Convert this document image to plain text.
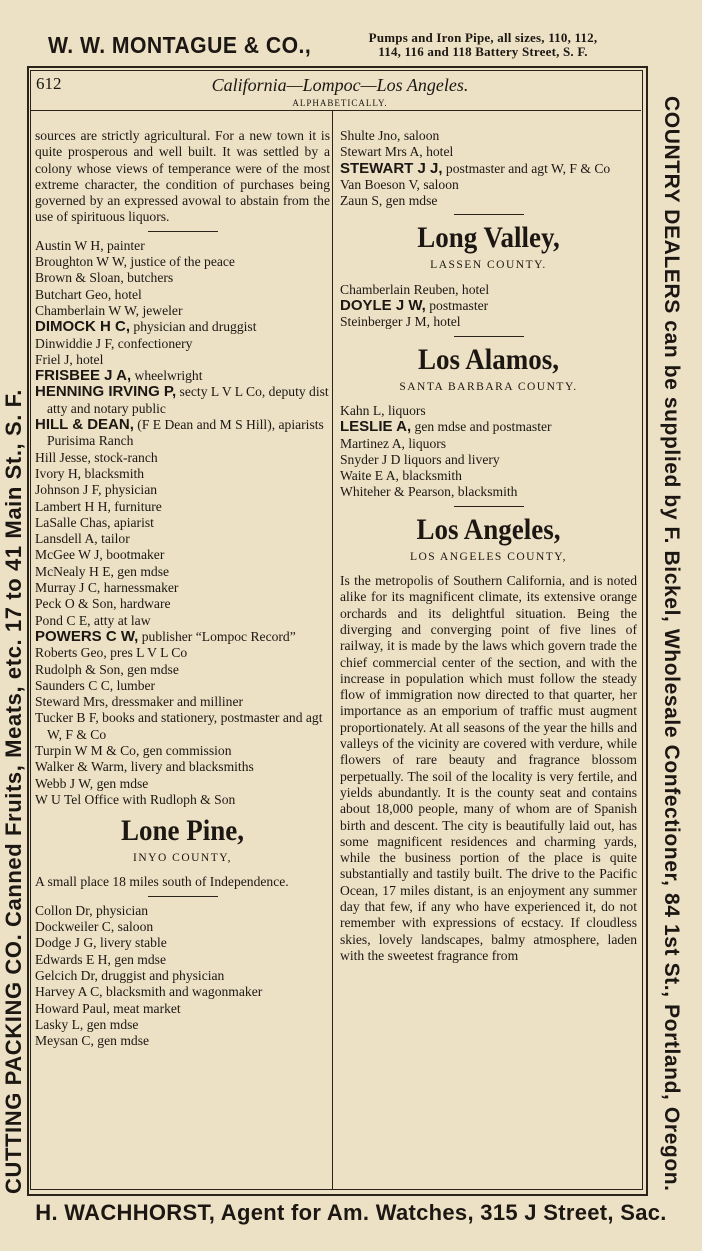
W. W. MONTAGUE & CO.,	Pumps and Iron Pipe, all sizes, 110, 112,
114, 116 and 118 Battery Street, S. F.
612	California—Lompoc—Los Angeles.
ALPHABETICALLY.	COUNTRY DEALERS can be supplied by F. Bickel, Wholesale Confectioner, 84 1st St., Portland, Oregon.
CUTTING PACKING CO. Canned Fruits, Meats, etc. 17 to 41 Main St., S. F.

sources are strictly agricultural. For a new town it is quite prosperous and well built. It was settled by a colony whose views of temperance were of the most extreme character, the condition of purchases being governed by an expressed avowal to abstain from the use of spirituous liquors.

Austin W H, painter

Broughton W W, justice of the peace

Brown & Sloan, butchers

Butchart Geo, hotel

Chamberlain W W, jeweler

DIMOCK H C, physician and druggist

Dinwiddie J F, confectionery

Friel J, hotel

FRISBEE J A, wheelwright

HENNING IRVING P, secty L V L Co, deputy dist atty and notary public

HILL & DEAN, (F E Dean and M S Hill), apiarists Purisima Ranch

Hill Jesse, stock-ranch

Ivory H, blacksmith

Johnson J F, physician

Lambert H H, furniture

LaSalle Chas, apiarist

Lansdell A, tailor

McGee W J, bootmaker

McNealy H E, gen mdse

Murray J C, harnessmaker

Peck O & Son, hardware

Pond C E, atty at law

POWERS C W, publisher “Lompoc Record”

Roberts Geo, pres L V L Co

Rudolph & Son, gen mdse

Saunders C C, lumber

Steward Mrs, dressmaker and milliner

Tucker B F, books and stationery, postmaster and agt W, F & Co

Turpin W M & Co, gen commission

Walker & Warm, livery and blacksmiths

Webb J W, gen mdse

W U Tel Office with Rudloph & Son

Lone Pine,
INYO COUNTY,

A small place 18 miles south of Independence.

Collon Dr, physician

Dockweiler C, saloon

Dodge J G, livery stable

Edwards E H, gen mdse

Gelcich Dr, druggist and physician

Harvey A C, blacksmith and wagonmaker

Howard Paul, meat market

Lasky L, gen mdse

Meysan C, gen mdse

Shulte Jno, saloon

Stewart Mrs A, hotel

STEWART J J, postmaster and agt W, F & Co

Van Boeson V, saloon

Zaun S, gen mdse

Long Valley,
LASSEN COUNTY.

Chamberlain Reuben, hotel

DOYLE J W, postmaster

Steinberger J M, hotel

Los Alamos,
SANTA BARBARA COUNTY.

Kahn L, liquors

LESLIE A, gen mdse and postmaster

Martinez A, liquors

Snyder J D liquors and livery

Waite E A, blacksmith

Whiteher & Pearson, blacksmith

Los Angeles,
LOS ANGELES COUNTY,

Is the metropolis of Southern California, and is noted alike for its magnificent climate, its extensive orange orchards and its delightful situation. Being the diverging and converging point of five lines of railway, it is made by the laws which govern trade the chief commercial center of the section, and with the increase in population which must follow the steady flow of immigration now directed to that quarter, her importance as an emporium of traffic must augment proportionately. At all seasons of the year the hills and valleys of the vicinity are covered with verdure, while flowers of rare beauty and fragrance blossom perpetually. The soil of the locality is very fertile, and yields abundantly. It is the county seat and contains about 18,000 people, many of whom are of Spanish birth and descent. The city is beautifully laid out, has some magnificent residences and charming yards, while the business portion of the place is quite substantially and tastily built. The drive to the Pacific Ocean, 17 miles distant, is an enjoyment any summer day that few, if any who have experienced it, do not remember with expressions of ecstacy. If cloudless skies, lovely landscapes, balmy atmosphere, laden with the sweetest fragrance from

H. WACHHORST, Agent for Am. Watches, 315 J Street, Sac.
